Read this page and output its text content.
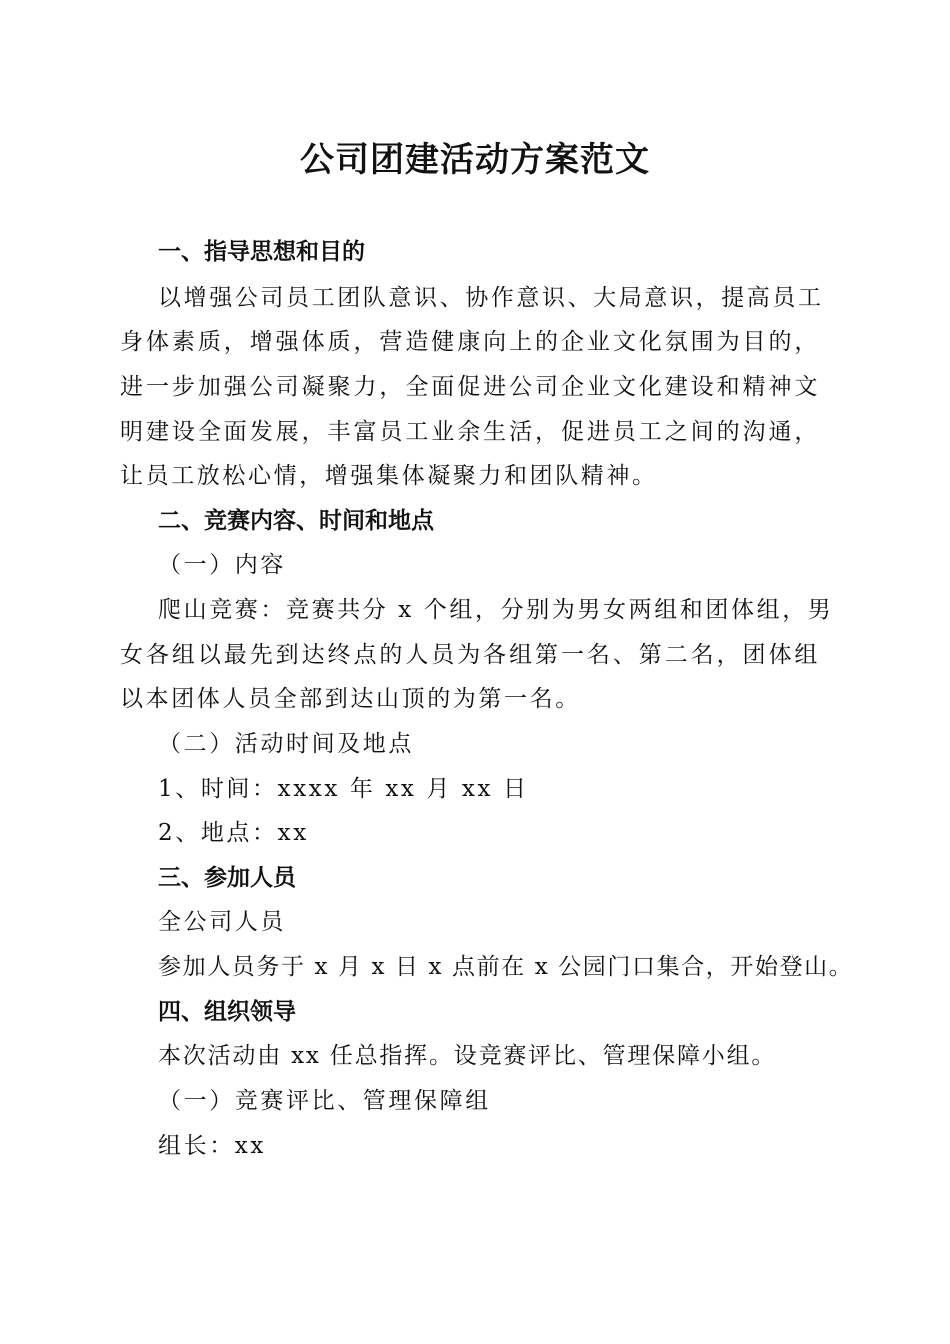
公司团建活动方案范文
一、指导思想和目的
以增强公司员工团队意识、协作意识、大局意识，提高员工
身体素质，增强体质，营造健康向上的企业文化氛围为目的，
进一步加强公司凝聚力，全面促进公司企业文化建设和精神文
明建设全面发展，丰富员工业余生活，促进员工之间的沟通，
让员工放松心情，增强集体凝聚力和团队精神。
二、竞赛内容、时间和地点
（一）内容
爬山竞赛：竞赛共分 x 个组，分别为男女两组和团体组，男
女各组以最先到达终点的人员为各组第一名、第二名，团体组
以本团体人员全部到达山顶的为第一名。
（二）活动时间及地点
1、时间：xxxx 年 xx 月 xx 日
2、地点：xx
三、参加人员
全公司人员
参加人员务于 x 月 x 日 x 点前在 x 公园门口集合，开始登山。
四、组织领导
本次活动由 xx 任总指挥。设竞赛评比、管理保障小组。
（一）竞赛评比、管理保障组
组长：xx
